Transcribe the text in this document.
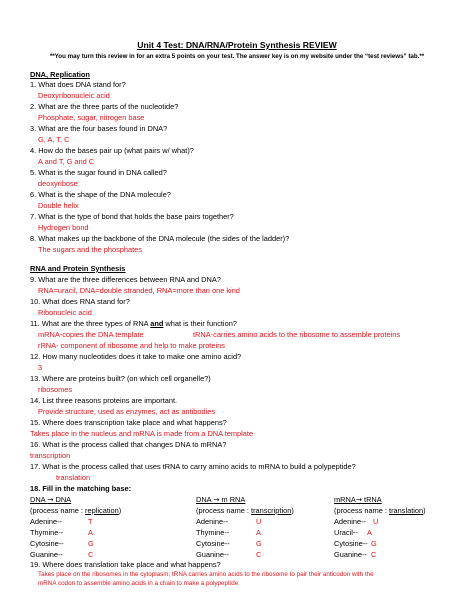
Unit 4 Test: DNA/RNA/Protein Synthesis REVIEW
**You may turn this review in for an extra 5 points on your test. The answer key is on my website under the “test reviews” tab.**
DNA, Replication
1. What does DNA stand for?
Deoxyribonucleic acid
2. What are the three parts of the nucleotide?
Phosphate, sugar, nitrogen base
3. What are the four bases found in DNA?
G, A, T, C
4. How do the bases pair up (what pairs w/ what)?
A and T, G and C
5. What is the sugar found in DNA called?
deoxyribose
6. What is the shape of the DNA molecule?
Double helix
7. What is the type of bond that holds the base pairs together?
Hydrogen bond
8. What makes up the backbone of the DNA molecule (the sides of the ladder)?
The sugars and the phosphates
RNA and Protein Synthesis
9. What are the three differences between RNA and DNA?
RNA=uracil, DNA=double stranded, RNA=more than one kind
10. What does RNA stand for?
Ribonucleic acid
11. What are the three types of RNA and what is their function?
mRNA-copies the DNA template	tRNA-carries amino acids to the ribosome to assemble proteins
rRNA- component of ribosome and help to make proteins
12. How many nucleotides does it take to make one amino acid?
3
13. Where are proteins built? (on which cell organelle?)
ribosomes
14. List three reasons proteins are important.
Provide structure, used as enzymes, act as antibodies
15. Where does transcription take place and what happens?
Takes place in the nucleus and mRNA is made from a DNA template
16. What is the process called that changes DNA to mRNA?
transcription
17. What is the process called that uses tRNA to carry amino acids to mRNA to build a polypeptide?
translation
18. Fill in the matching base:
DNA → DNA
(process name : replication)
Adenine--	T
Thymine--	A
Cytosine--	G
Guanine--	C
DNA → m RNA
(process name : transcription)
Adenine--	U
Thymine--	A
Cytosine--	G
Guanine--	C
mRNA→ tRNA
(process name : translation)
Adenine-- U
Uracil-- A
Cytosine-- G
Guanine-- C
19. Where does translation take place and what happens?
Takes place on the ribosomes in the cytoplasm; tRNA carries amino acids to the ribosome to pair their anticodon with the
mRNA codon to assemble amino acids in a chain to make a polypeptide
